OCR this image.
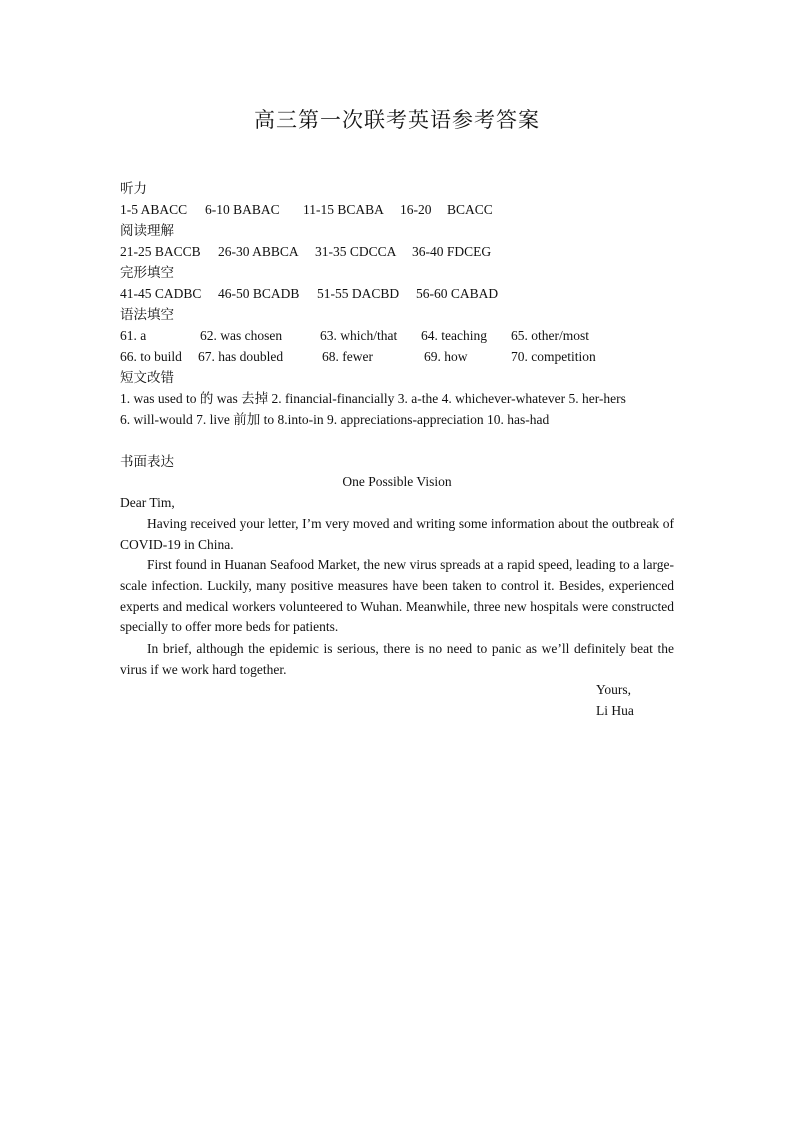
高三第一次联考英语参考答案
听力
1-5 ABACC 6-10 BABAC 11-15 BCABA 16-20 BCACC
阅读理解
21-25 BACCB 26-30 ABBCA 31-35 CDCCA 36-40 FDCEG
完形填空
41-45 CADBC 46-50 BCADB 51-55 DACBD 56-60 CABAD
语法填空
61. a	62. was chosen	63. which/that 64. teaching 65. other/most
66. to build 67. has doubled	68. fewer	69. how	70. competition
短文改错
1. was used to 的 was 去掉 2. financial-financially 3. a-the 4. whichever-whatever 5. her-hers
6. will-would 7. live 前加 to 8.into-in 9. appreciations-appreciation 10. has-had
书面表达
One Possible Vision
Dear Tim,

Having received your letter, I’m very moved and writing some information about the outbreak of COVID-19 in China.

First found in Huanan Seafood Market, the new virus spreads at a rapid speed, leading to a large-scale infection. Luckily, many positive measures have been taken to control it. Besides, experienced experts and medical workers volunteered to Wuhan. Meanwhile, three new hospitals were constructed specially to offer more beds for patients.

In brief, although the epidemic is serious, there is no need to panic as we’ll definitely beat the virus if we work hard together.

Yours,
Li Hua
